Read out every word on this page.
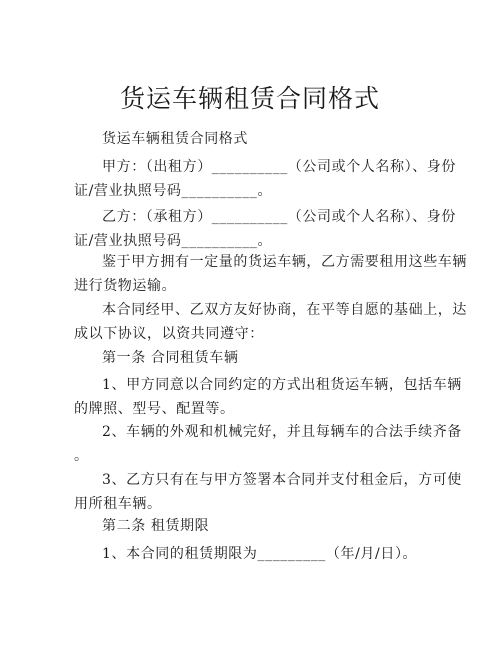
货运车辆租赁合同格式

货运车辆租赁合同格式

甲方：（出租方）__________（公司或个人名称）、身份
证/营业执照号码__________。

乙方：（承租方）__________（公司或个人名称）、身份
证/营业执照号码__________。

鉴于甲方拥有一定量的货运车辆，乙方需要租用这些车辆
进行货物运输。

本合同经甲、乙双方友好协商，在平等自愿的基础上，达
成以下协议，以资共同遵守：

第一条 合同租赁车辆

1、甲方同意以合同约定的方式出租货运车辆，包括车辆
的牌照、型号、配置等。

2、车辆的外观和机械完好，并且每辆车的合法手续齐备
。

3、乙方只有在与甲方签署本合同并支付租金后，方可使
用所租车辆。

第二条 租赁期限

1、本合同的租赁期限为_________（年/月/日）。
